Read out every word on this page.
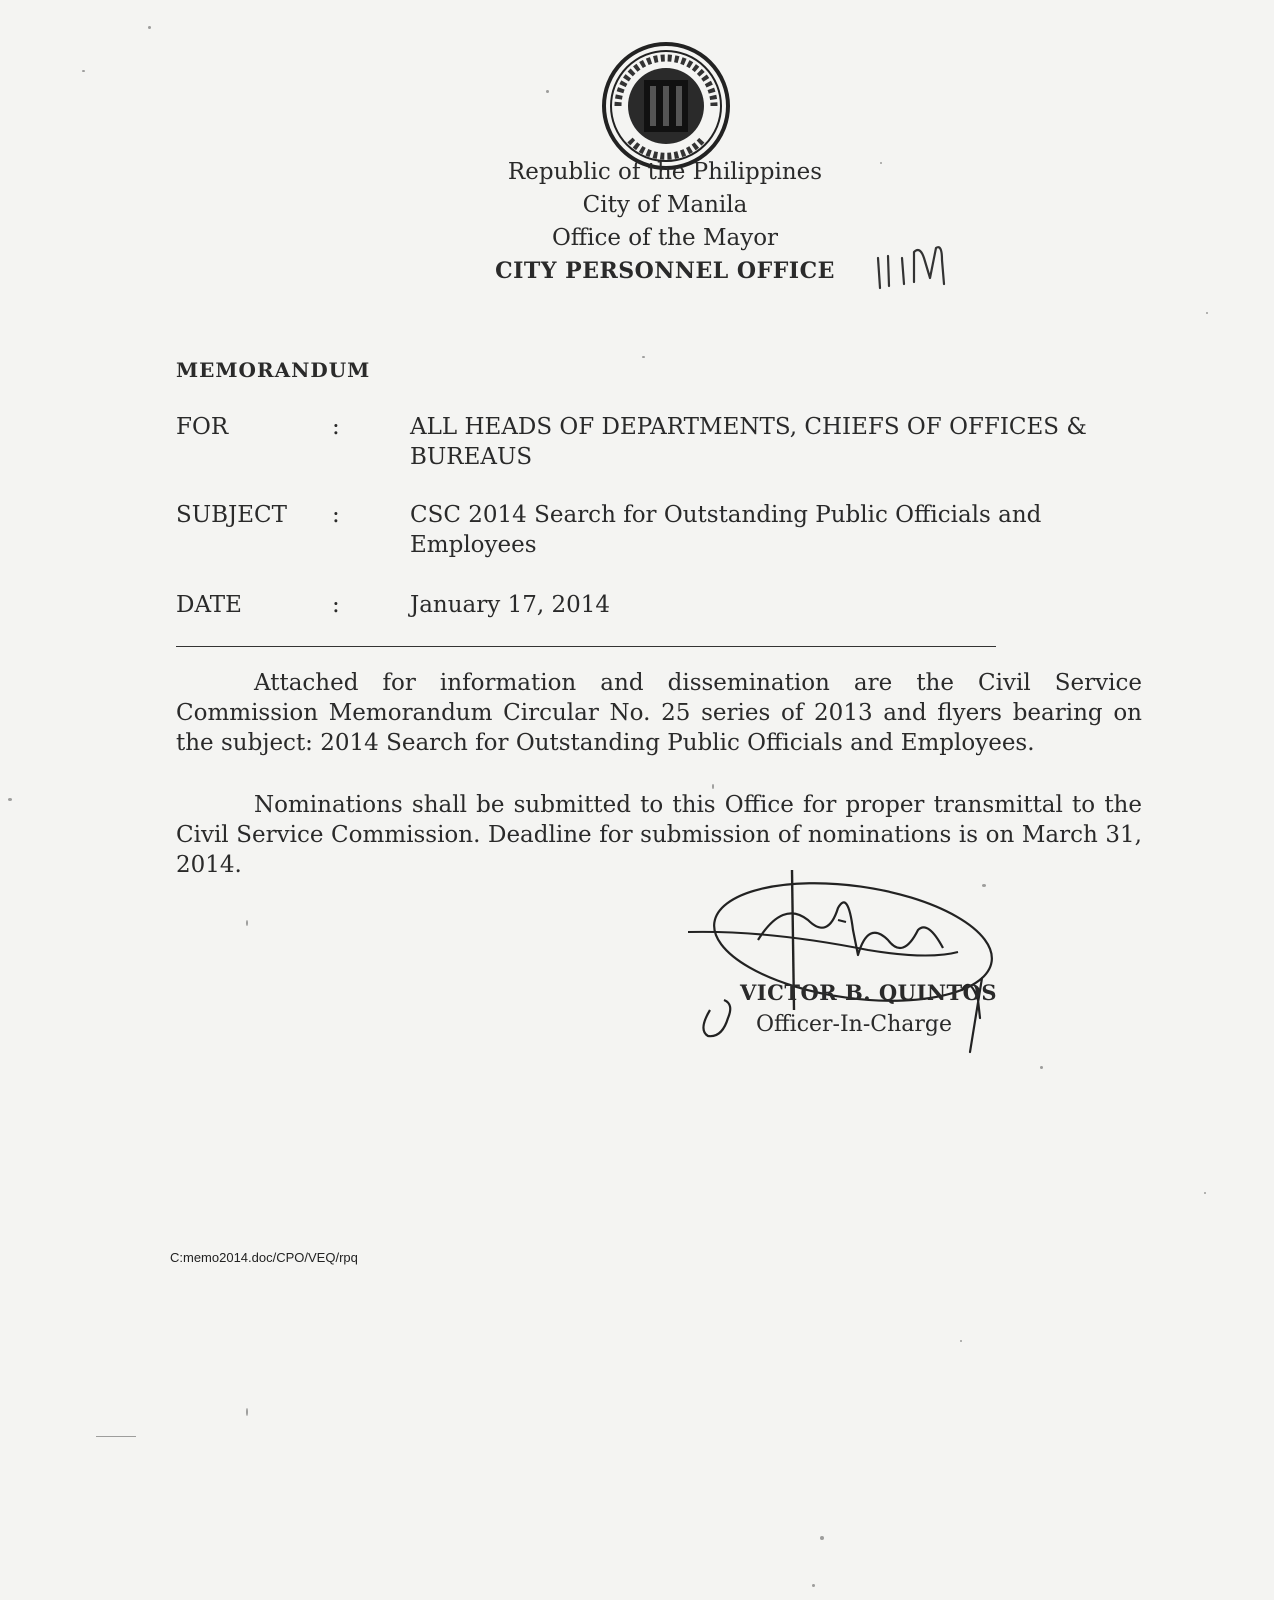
Republic of the Philippines
City of Manila
Office of the Mayor
CITY PERSONNEL OFFICE
MEMORANDUM
FOR	:	ALL HEADS OF DEPARTMENTS, CHIEFS OF OFFICES & BUREAUS
SUBJECT :	CSC 2014 Search for Outstanding Public Officials and Employees
DATE	:	January 17, 2014

Attached for information and dissemination are the Civil Service Commission Memorandum Circular No. 25 series of 2013 and flyers bearing on the subject: 2014 Search for Outstanding Public Officials and Employees.

Nominations shall be submitted to this Office for proper transmittal to the Civil Service Commission. Deadline for submission of nominations is on March 31, 2014.

VICTOR B. QUINTOS
Officer-In-Charge
C:memo2014.doc/CPO/VEQ/rpq
